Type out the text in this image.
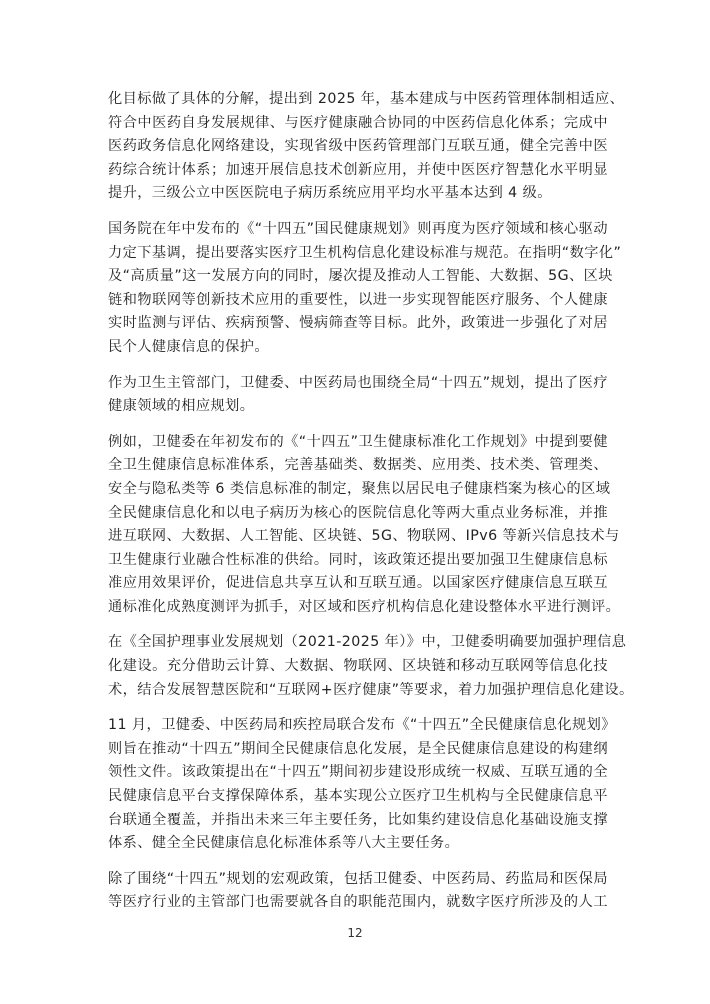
化目标做了具体的分解，提出到 2025 年，基本建成与中医药管理体制相适应、
符合中医药自身发展规律、与医疗健康融合协同的中医药信息化体系；完成中
医药政务信息化网络建设，实现省级中医药管理部门互联互通，健全完善中医
药综合统计体系；加速开展信息技术创新应用，并使中医医疗智慧化水平明显
提升，三级公立中医医院电子病历系统应用平均水平基本达到 4 级。

国务院在年中发布的《“十四五”国民健康规划》则再度为医疗领域和核心驱动
力定下基调，提出要落实医疗卫生机构信息化建设标准与规范。在指明“数字化”
及“高质量”这一发展方向的同时，屡次提及推动人工智能、大数据、5G、区块
链和物联网等创新技术应用的重要性，以进一步实现智能医疗服务、个人健康
实时监测与评估、疾病预警、慢病筛查等目标。此外，政策进一步强化了对居
民个人健康信息的保护。

作为卫生主管部门，卫健委、中医药局也围绕全局“十四五”规划，提出了医疗
健康领域的相应规划。

例如，卫健委在年初发布的《“十四五”卫生健康标准化工作规划》中提到要健
全卫生健康信息标准体系，完善基础类、数据类、应用类、技术类、管理类、
安全与隐私类等 6 类信息标准的制定，聚焦以居民电子健康档案为核心的区域
全民健康信息化和以电子病历为核心的医院信息化等两大重点业务标准，并推
进互联网、大数据、人工智能、区块链、5G、物联网、IPv6 等新兴信息技术与
卫生健康行业融合性标准的供给。同时，该政策还提出要加强卫生健康信息标
准应用效果评价，促进信息共享互认和互联互通。以国家医疗健康信息互联互
通标准化成熟度测评为抓手，对区域和医疗机构信息化建设整体水平进行测评。

在《全国护理事业发展规划（2021-2025 年）》中，卫健委明确要加强护理信息
化建设。充分借助云计算、大数据、物联网、区块链和移动互联网等信息化技
术，结合发展智慧医院和“互联网+医疗健康”等要求，着力加强护理信息化建设。

11 月，卫健委、中医药局和疾控局联合发布《“十四五”全民健康信息化规划》
则旨在推动“十四五”期间全民健康信息化发展，是全民健康信息建设的构建纲
领性文件。该政策提出在“十四五”期间初步建设形成统一权威、互联互通的全
民健康信息平台支撑保障体系，基本实现公立医疗卫生机构与全民健康信息平
台联通全覆盖，并指出未来三年主要任务，比如集约建设信息化基础设施支撑
体系、健全全民健康信息化标准体系等八大主要任务。

除了围绕“十四五”规划的宏观政策，包括卫健委、中医药局、药监局和医保局
等医疗行业的主管部门也需要就各自的职能范围内，就数字医疗所涉及的人工

12
